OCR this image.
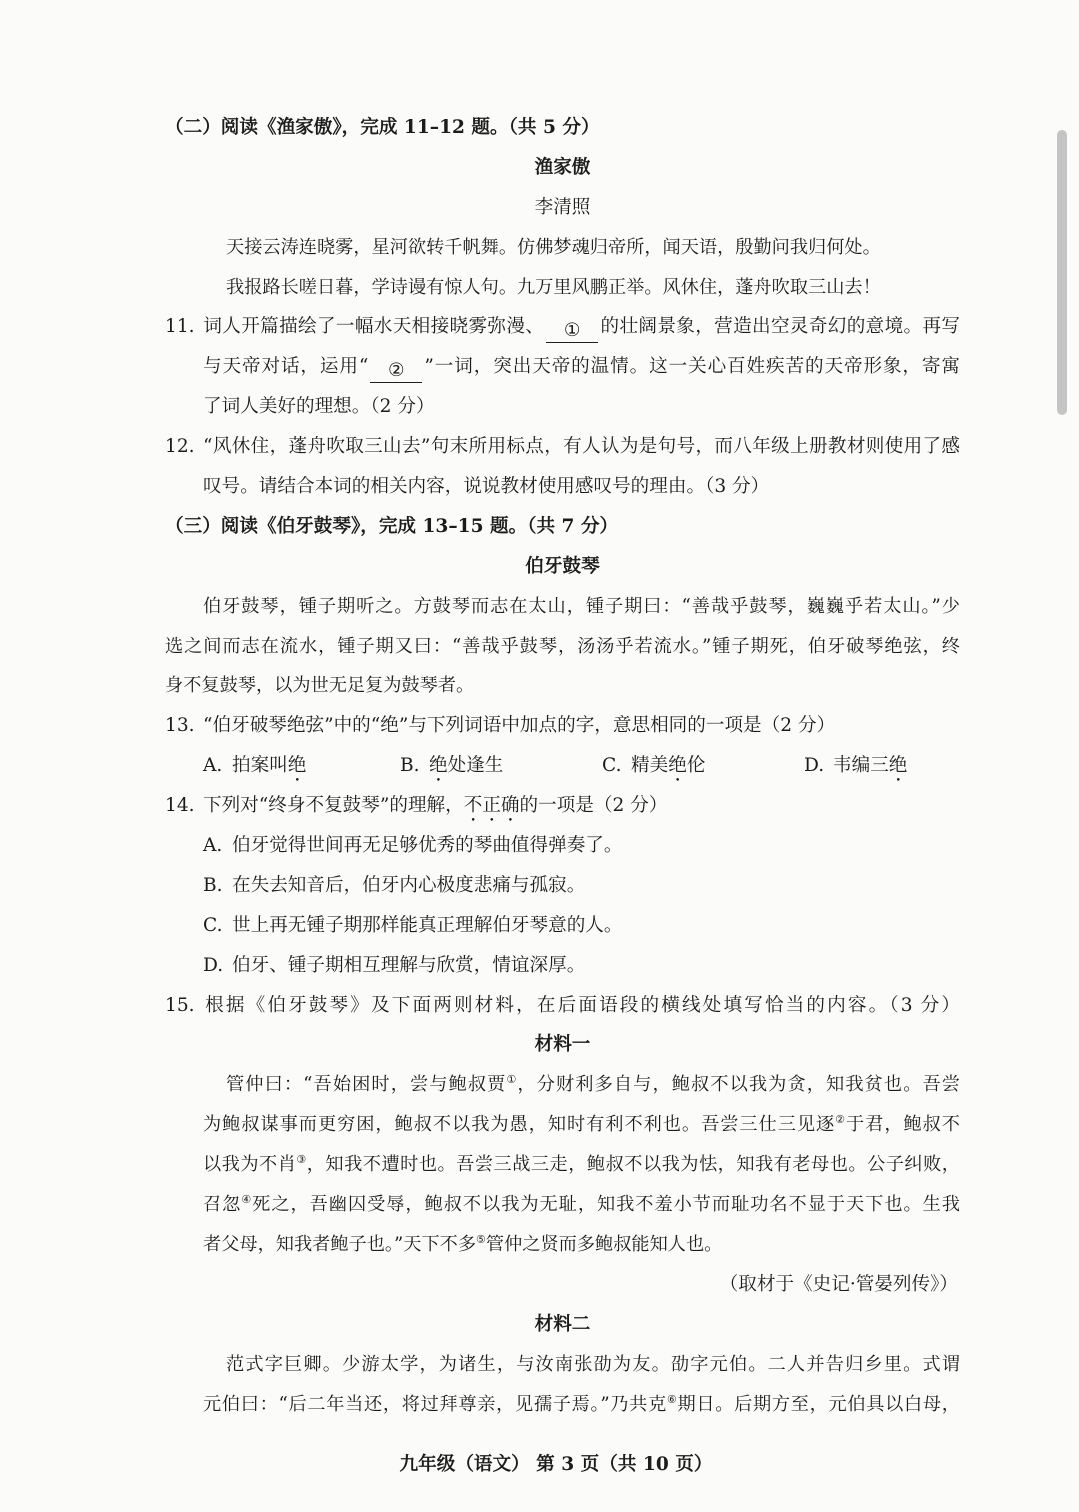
（二）阅读《渔家傲》，完成 11–12 题。（共 5 分）
渔家傲
李清照
天接云涛连晓雾，星河欲转千帆舞。仿佛梦魂归帝所，闻天语，殷勤问我归何处。
我报路长嗟日暮，学诗谩有惊人句。九万里风鹏正举。风休住，蓬舟吹取三山去！
11. 词人开篇描绘了一幅水天相接晓雾弥漫、 ① 的壮阔景象，营造出空灵奇幻的意境。再写
与天帝对话，运用“ ② ”一词，突出天帝的温情。这一关心百姓疾苦的天帝形象，寄寓
了词人美好的理想。（2 分）
12. “风休住，蓬舟吹取三山去”句末所用标点，有人认为是句号，而八年级上册教材则使用了感
叹号。请结合本词的相关内容，说说教材使用感叹号的理由。（3 分）
（三）阅读《伯牙鼓琴》，完成 13–15 题。（共 7 分）
伯牙鼓琴
伯牙鼓琴，锺子期听之。方鼓琴而志在太山，锺子期曰：“善哉乎鼓琴，巍巍乎若太山。”少
选之间而志在流水，锺子期又曰：“善哉乎鼓琴，汤汤乎若流水。”锺子期死，伯牙破琴绝弦，终
身不复鼓琴，以为世无足复为鼓琴者。
13. “伯牙破琴绝弦”中的“绝”与下列词语中加点的字，意思相同的一项是（2 分）
A. 拍案叫绝	B. 绝处逢生	C. 精美绝伦	D. 韦编三绝
14. 下列对“终身不复鼓琴”的理解，不正确的一项是（2 分）
A. 伯牙觉得世间再无足够优秀的琴曲值得弹奏了。
B. 在失去知音后，伯牙内心极度悲痛与孤寂。
C. 世上再无锺子期那样能真正理解伯牙琴意的人。
D. 伯牙、锺子期相互理解与欣赏，情谊深厚。
15. 根据《伯牙鼓琴》及下面两则材料，在后面语段的横线处填写恰当的内容。（3 分）
材料一
管仲曰：“吾始困时，尝与鲍叔贾①，分财利多自与，鲍叔不以我为贪，知我贫也。吾尝
为鲍叔谋事而更穷困，鲍叔不以我为愚，知时有利不利也。吾尝三仕三见逐②于君，鲍叔不
以我为不肖③，知我不遭时也。吾尝三战三走，鲍叔不以我为怯，知我有老母也。公子纠败，
召忽④死之，吾幽囚受辱，鲍叔不以我为无耻，知我不羞小节而耻功名不显于天下也。生我
者父母，知我者鲍子也。”天下不多⑤管仲之贤而多鲍叔能知人也。
（取材于《史记·管晏列传》）
材料二
范式字巨卿。少游太学，为诸生，与汝南张劭为友。劭字元伯。二人并告归乡里。式谓
元伯曰：“后二年当还，将过拜尊亲，见孺子焉。”乃共克⑥期日。后期方至，元伯具以白母，
九年级（语文） 第 3 页（共 10 页）
